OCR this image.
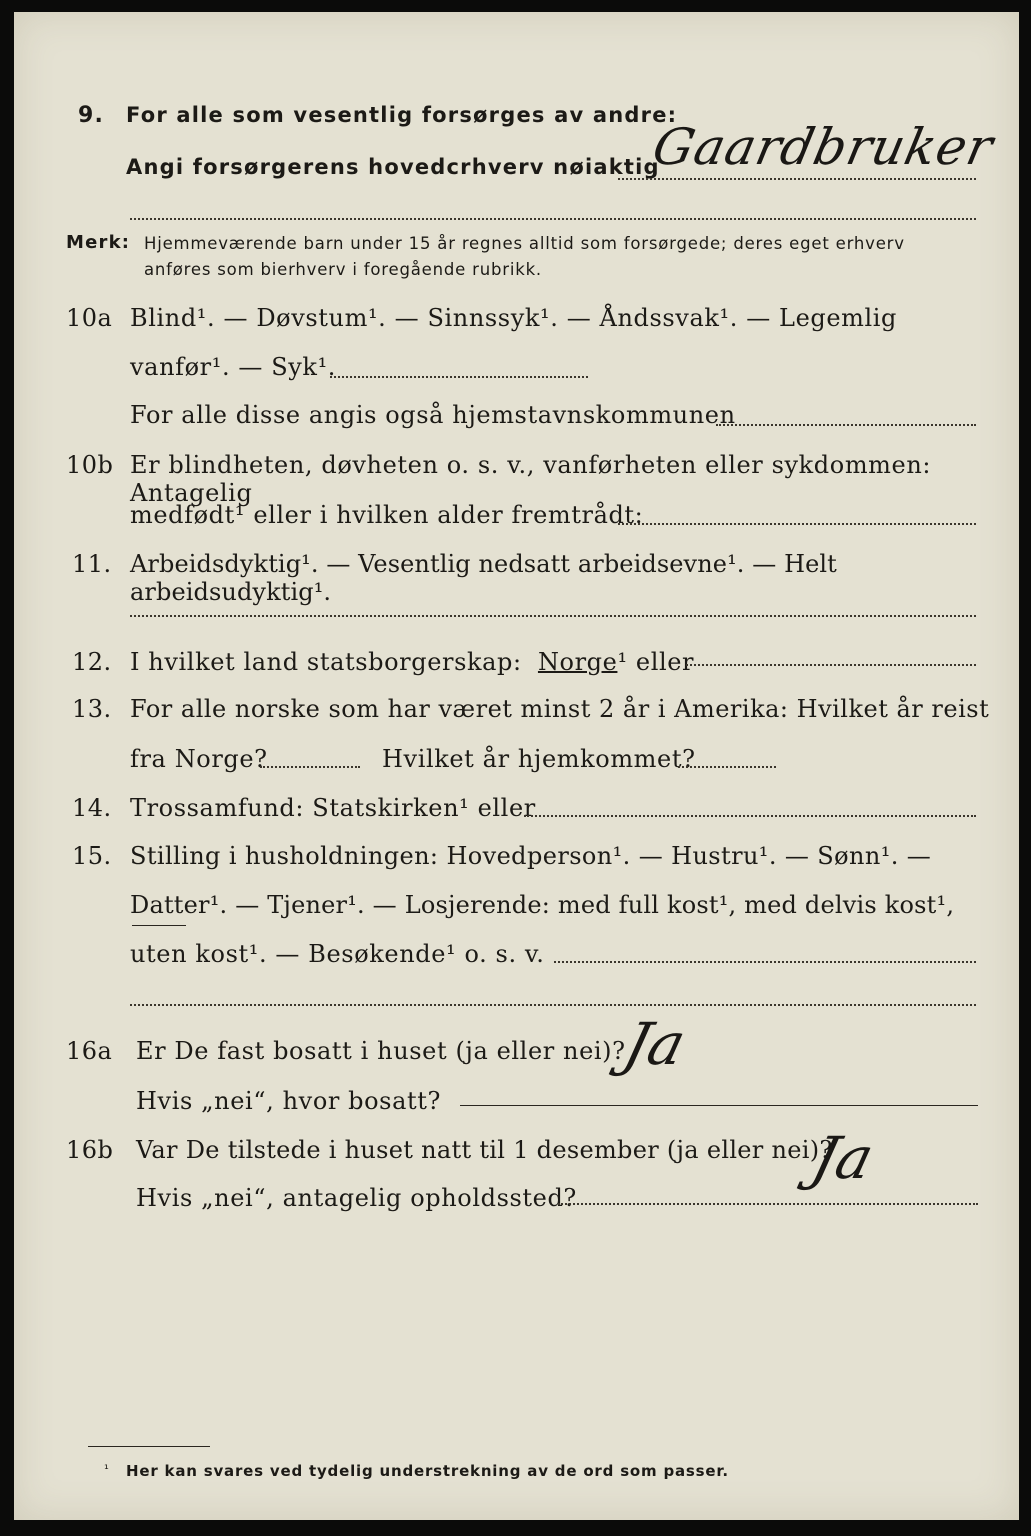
9. For alle som vesentlig forsørges av andre:
Angi forsørgerens hovedcrhverv nøiaktig
Gaardbruker
Merk: Hjemmeværende barn under 15 år regnes alltid som forsørgede; deres eget erhverv
anføres som bierhverv i foregående rubrikk.
10a Blind¹. — Døvstum¹. — Sinnssyk¹. — Åndssvak¹. — Legemlig
vanfør¹. — Syk¹.
For alle disse angis også hjemstavnskommunen
10b Er blindheten, døvheten o. s. v., vanførheten eller sykdommen: Antagelig
medfødt¹ eller i hvilken alder fremtrådt:
11. Arbeidsdyktig¹. — Vesentlig nedsatt arbeidsevne¹. — Helt arbeidsudyktig¹.
12. I hvilket land statsborgerskap: Norge¹ eller
13. For alle norske som har været minst 2 år i Amerika: Hvilket år reist
fra Norge?	Hvilket år hjemkommet?
14. Trossamfund: Statskirken¹ eller
15. Stilling i husholdningen: Hovedperson¹. — Hustru¹. — Sønn¹. —
Datter¹. — Tjener¹. — Losjerende: med full kost¹, med delvis kost¹,
uten kost¹. — Besøkende¹ o. s. v.
16a Er De fast bosatt i huset (ja eller nei)?
Ja
Hvis „nei“, hvor bosatt?
16b Var De tilstede i huset natt til 1 desember (ja eller nei)?
Ja
Hvis „nei“, antagelig opholdssted?
¹ Her kan svares ved tydelig understrekning av de ord som passer.
